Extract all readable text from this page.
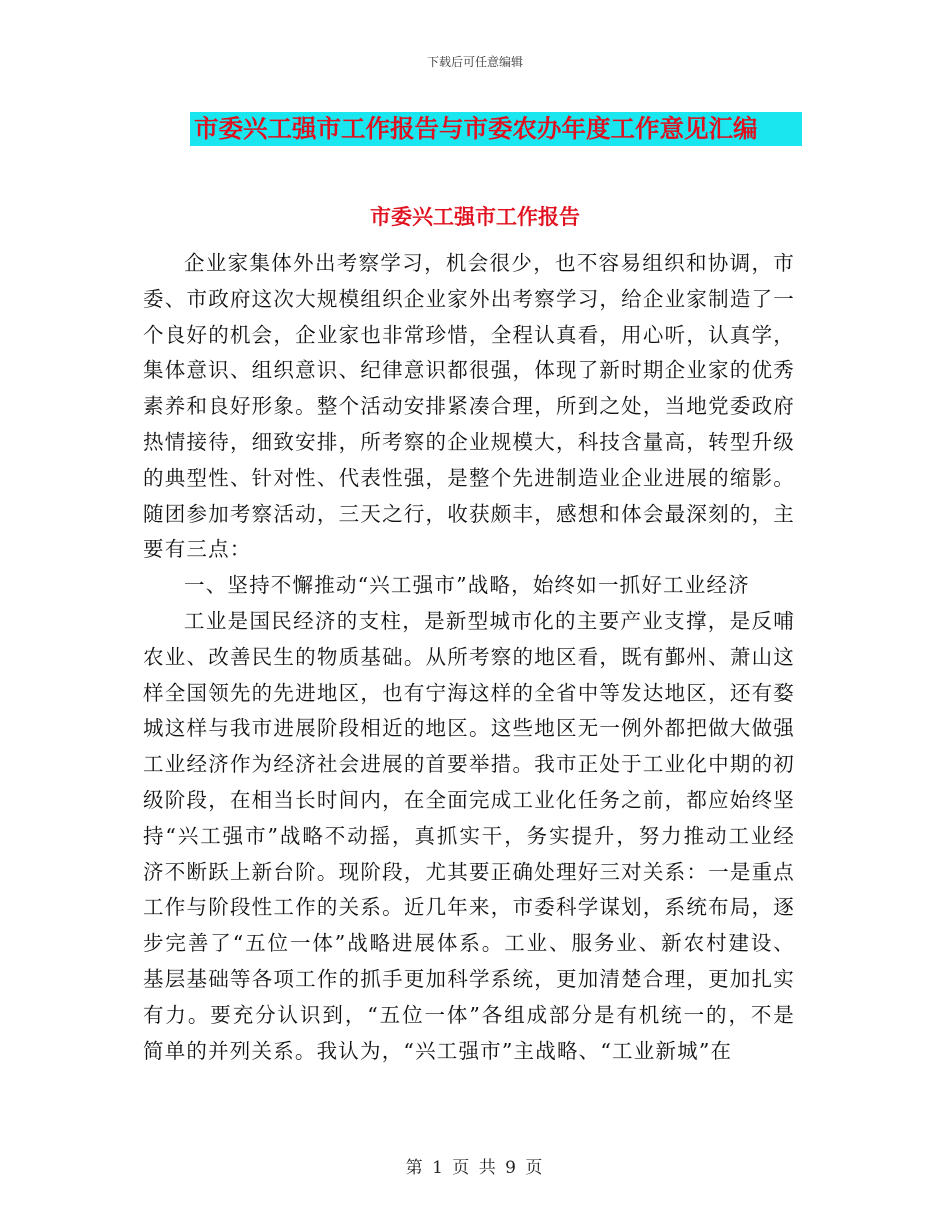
下载后可任意编辑
市委兴工强市工作报告与市委农办年度工作意见汇编
市委兴工强市工作报告

企业家集体外出考察学习，机会很少，也不容易组织和协调，市委、市政府这次大规模组织企业家外出考察学习，给企业家制造了一个良好的机会，企业家也非常珍惜，全程认真看，用心听，认真学，集体意识、组织意识、纪律意识都很强，体现了新时期企业家的优秀素养和良好形象。整个活动安排紧凑合理，所到之处，当地党委政府热情接待，细致安排，所考察的企业规模大，科技含量高，转型升级的典型性、针对性、代表性强，是整个先进制造业企业进展的缩影。随团参加考察活动，三天之行，收获颇丰，感想和体会最深刻的，主要有三点：

一、坚持不懈推动“兴工强市”战略，始终如一抓好工业经济

工业是国民经济的支柱，是新型城市化的主要产业支撑，是反哺农业、改善民生的物质基础。从所考察的地区看，既有鄞州、萧山这样全国领先的先进地区，也有宁海这样的全省中等发达地区，还有婺城这样与我市进展阶段相近的地区。这些地区无一例外都把做大做强工业经济作为经济社会进展的首要举措。我市正处于工业化中期的初级阶段，在相当长时间内，在全面完成工业化任务之前，都应始终坚持“兴工强市”战略不动摇，真抓实干，务实提升，努力推动工业经济不断跃上新台阶。现阶段，尤其要正确处理好三对关系：一是重点工作与阶段性工作的关系。近几年来，市委科学谋划，系统布局，逐步完善了“五位一体”战略进展体系。工业、服务业、新农村建设、基层基础等各项工作的抓手更加科学系统，更加清楚合理，更加扎实有力。要充分认识到，“五位一体”各组成部分是有机统一的，不是简单的并列关系。我认为，“兴工强市”主战略、“工业新城”在

第 1 页 共 9 页
